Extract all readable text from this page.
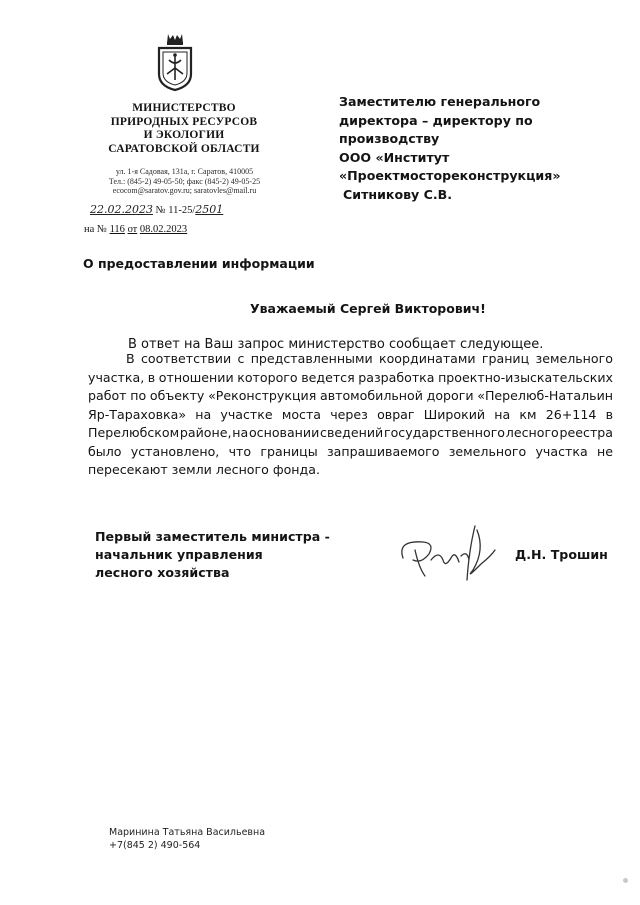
МИНИСТЕРСТВО
ПРИРОДНЫХ РЕСУРСОВ
И ЭКОЛОГИИ
САРАТОВСКОЙ ОБЛАСТИ
ул. 1-я Садовая, 131а, г. Саратов, 410005
Тел.: (845-2) 49-05-50; факс (845-2) 49-05-25
ecocom@saratov.gov.ru; saratovles@mail.ru
22.02.2023 № 11-25/2501
на № 116 от 08.02.2023
Заместителю генерального
директора – директору по
производству
ООО «Институт
«Проектмостореконструкция»
Ситникову С.В.
О предоставлении информации
Уважаемый Сергей Викторович!
В ответ на Ваш запрос министерство сообщает следующее.
В соответствии с представленными координатами границ земельного
участка, в отношении которого ведется разработка проектно-изыскательских
работ по объекту «Реконструкция автомобильной дороги «Перелюб-Натальин
Яр-Тараховка» на участке моста через овраг Широкий на км 26+114 в
Перелюбском районе, на основании сведений государственного лесного реестра
было установлено, что границы запрашиваемого земельного участка не
пересекают земли лесного фонда.
Первый заместитель министра -
начальник управления
лесного хозяйства
Д.Н. Трошин
Маринина Татьяна Васильевна
+7(845 2) 490-564
